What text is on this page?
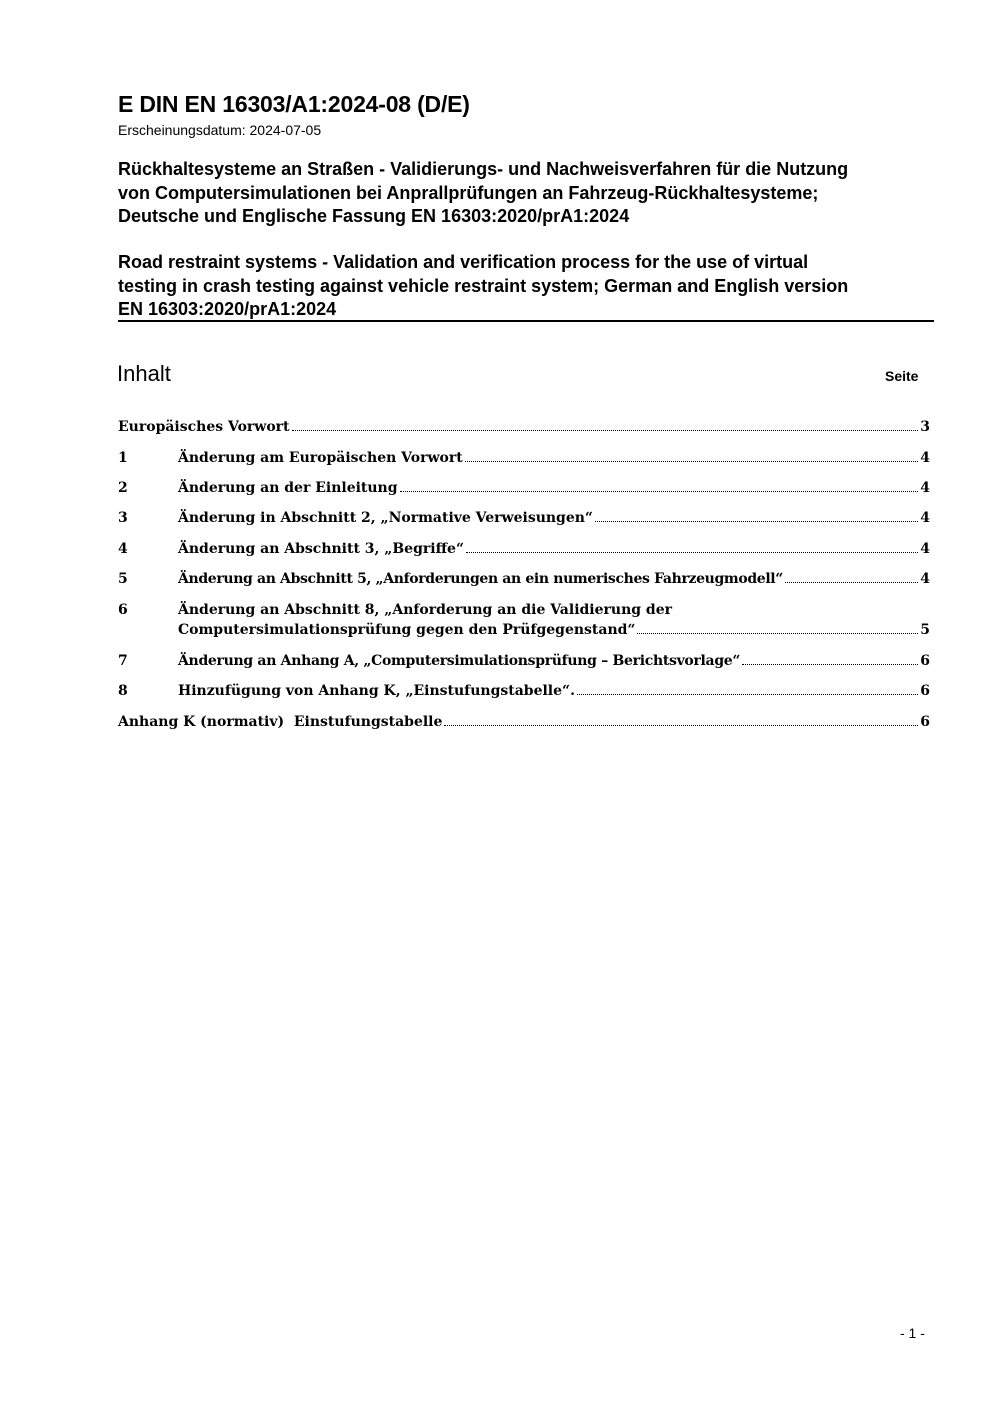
E DIN EN 16303/A1:2024-08 (D/E)
Erscheinungsdatum: 2024-07-05
Rückhaltesysteme an Straßen - Validierungs- und Nachweisverfahren für die Nutzung
von Computersimulationen bei Anprallprüfungen an Fahrzeug-Rückhaltesysteme;
Deutsche und Englische Fassung EN 16303:2020/prA1:2024
Road restraint systems - Validation and verification process for the use of virtual
testing in crash testing against vehicle restraint system; German and English version
EN 16303:2020/prA1:2024
Inhalt	Seite
Europäisches Vorwort	3
1	Änderung am Europäischen Vorwort	4
2	Änderung an der Einleitung	4
3	Änderung in Abschnitt 2, „Normative Verweisungen“	4
4	Änderung an Abschnitt 3, „Begriffe“	4
5	Änderung an Abschnitt 5, „Anforderungen an ein numerisches Fahrzeugmodell“	4
6	Änderung an Abschnitt 8, „Anforderung an die Validierung der
Computersimulationsprüfung gegen den Prüfgegenstand“	5
7	Änderung an Anhang A, „Computersimulationsprüfung – Berichtsvorlage“	6
8	Hinzufügung von Anhang K, „Einstufungstabelle“.	6
Anhang K (normativ)  Einstufungstabelle	6
- 1 -
